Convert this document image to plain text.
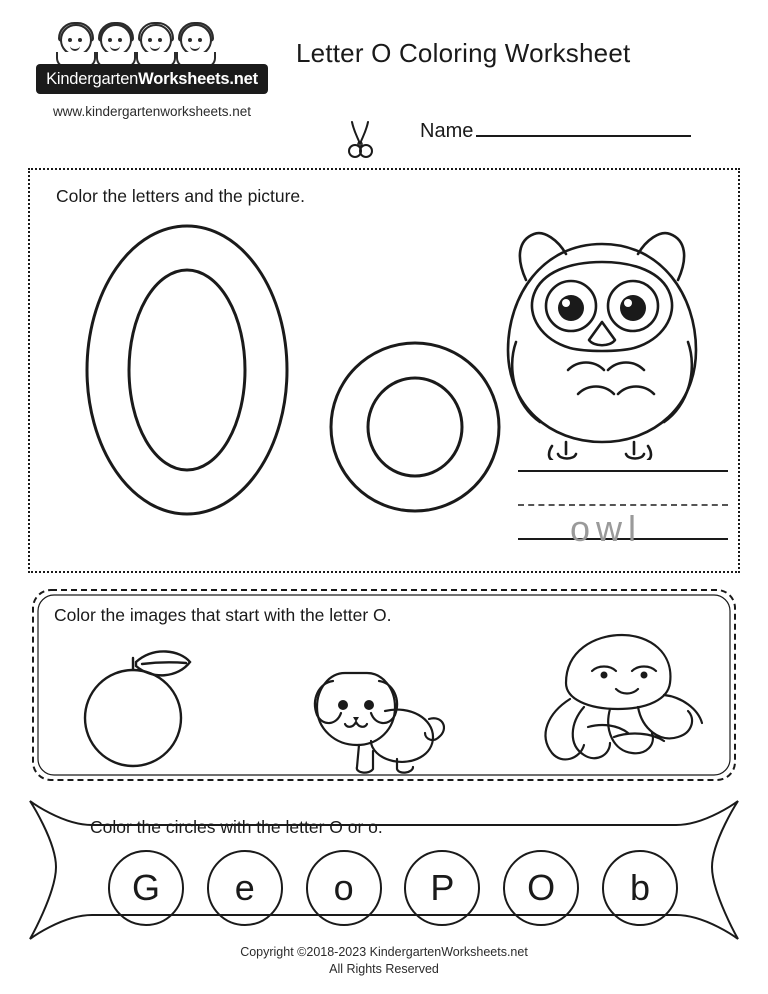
Kindergarten Worksheets .net
www.kindergartenworksheets.net
Letter O Coloring Worksheet
Name
Color the letters and the picture.
owl
Color the images that start with the letter O.
Color the circles with the letter O or o.
G	e	o	P	O	b
Copyright ©2018-2023 KindergartenWorksheets.net
All Rights Reserved
